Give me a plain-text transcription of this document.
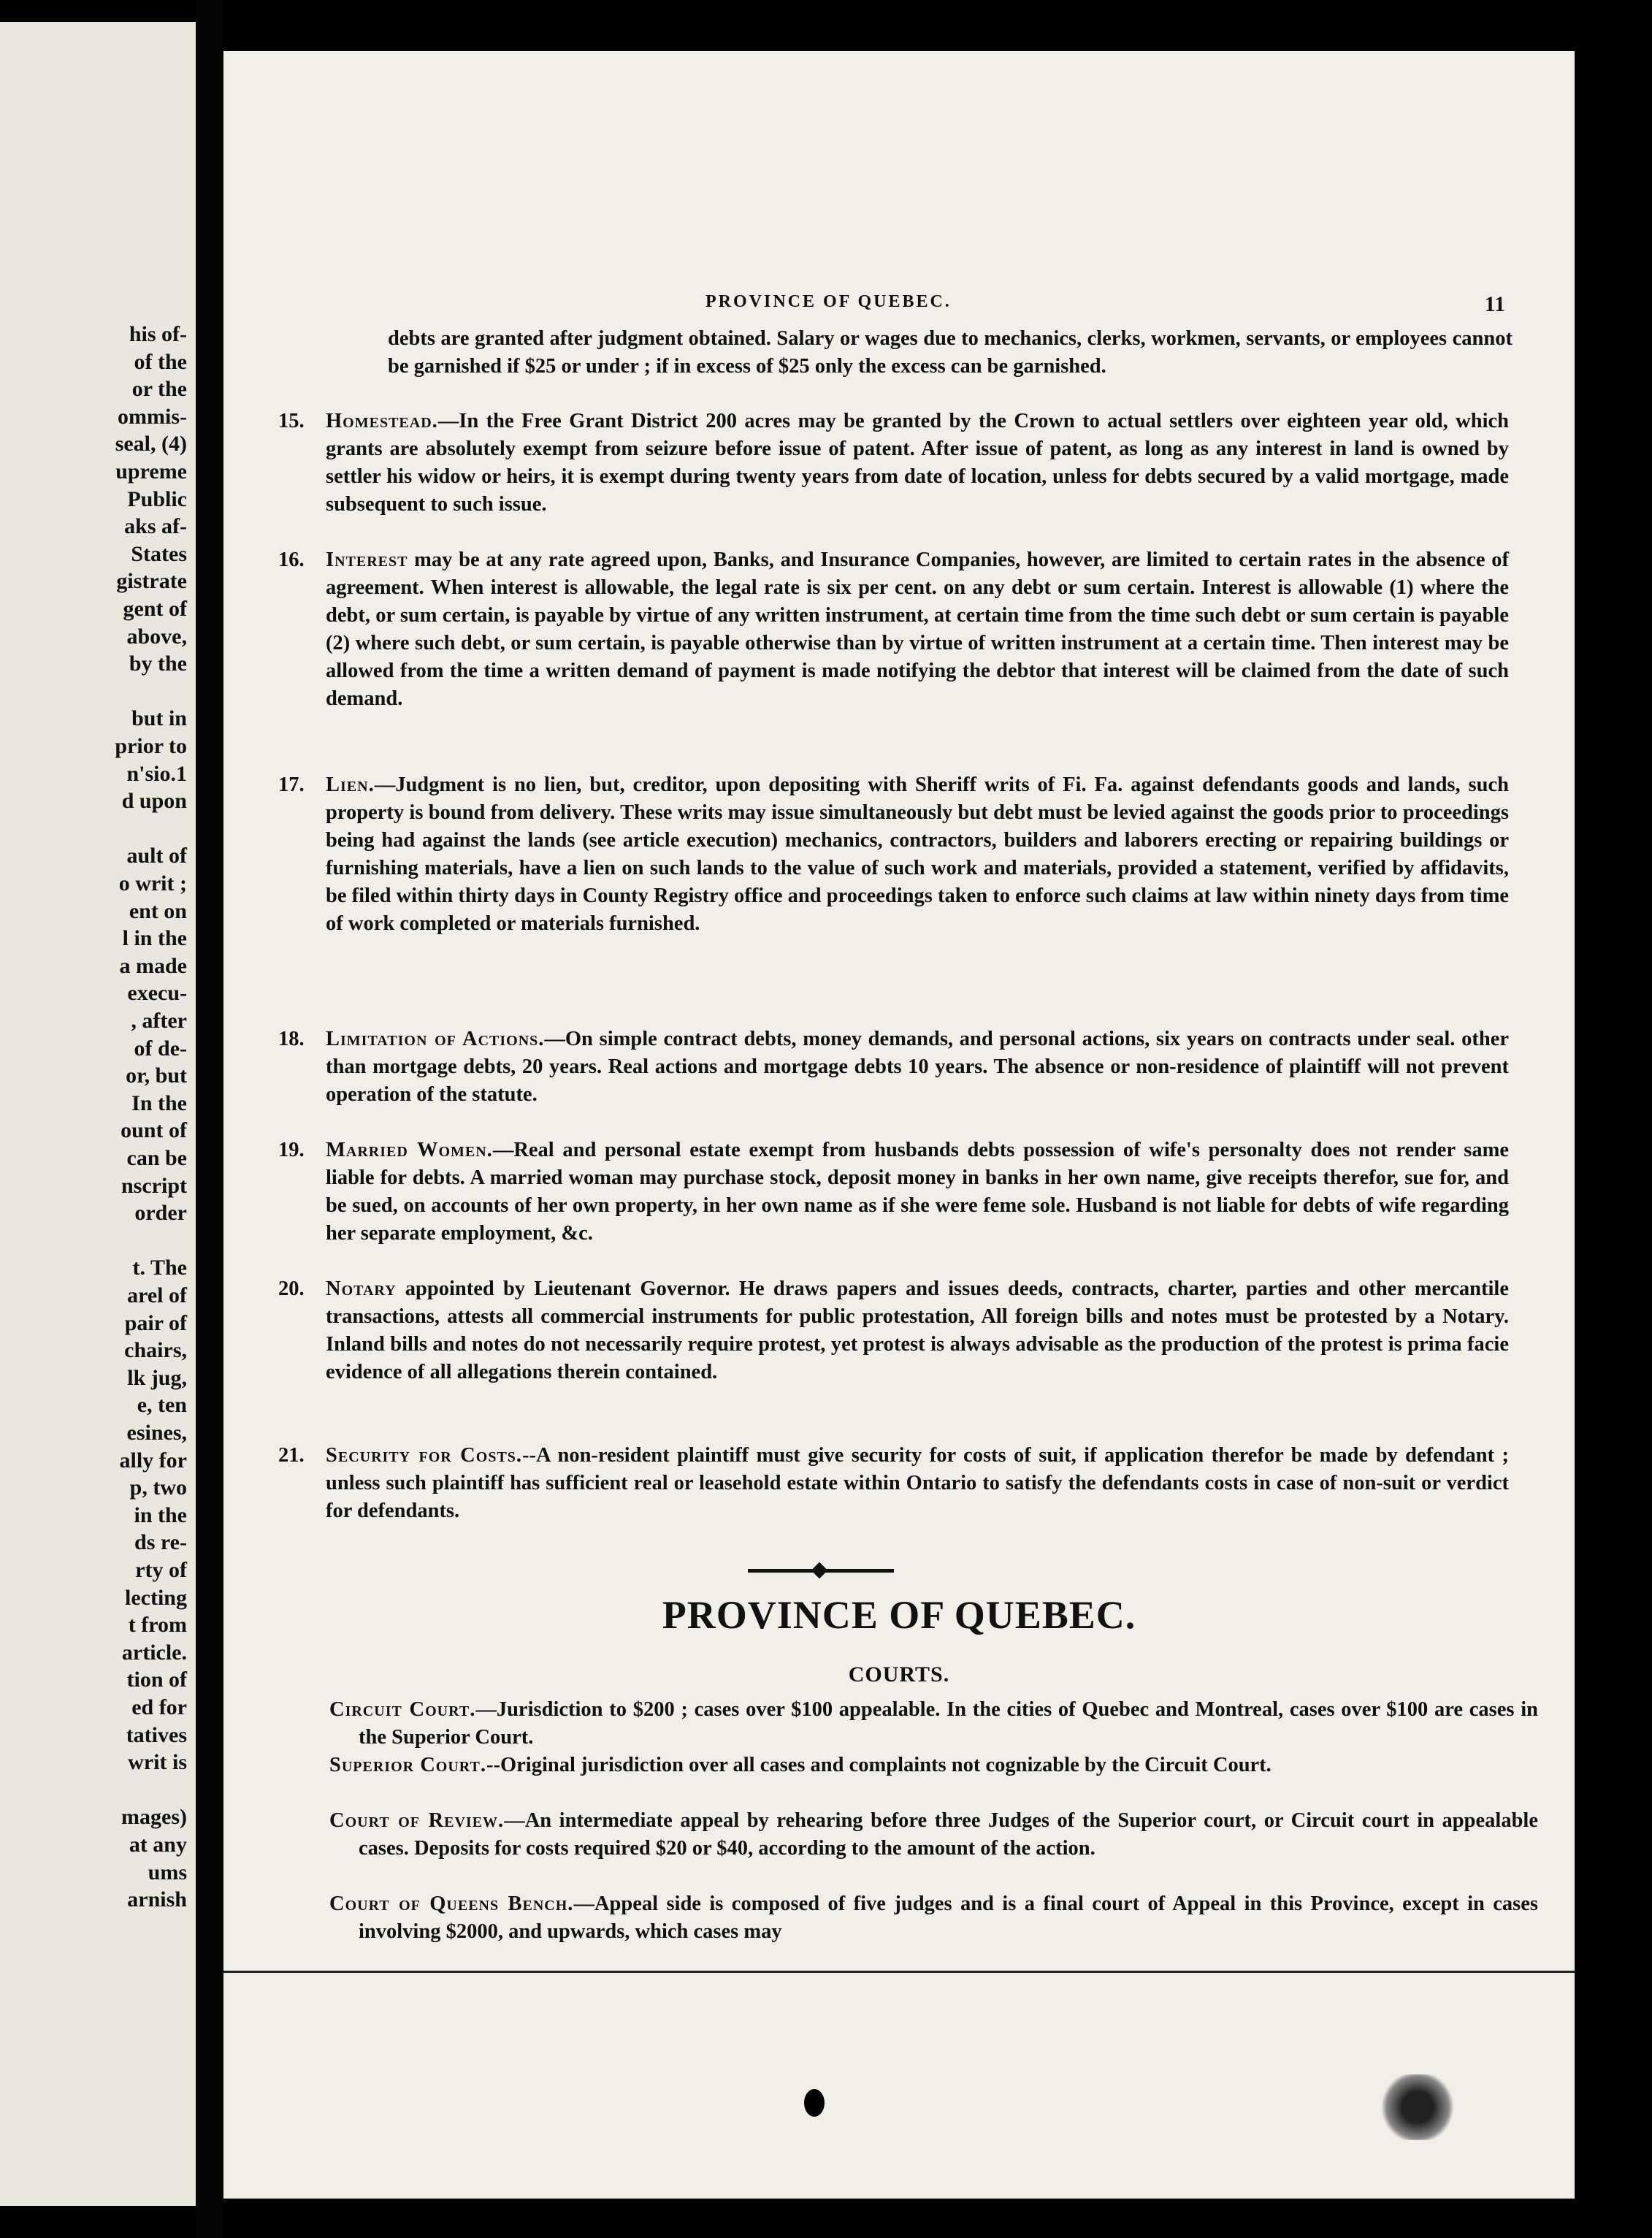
his of-
of the
or the
ommis-
seal, (4)
upreme
Public
aks af-
States
gistrate
gent of
above,
by the
but in
prior to
n'sio.1
d upon
ault of
o writ ;
ent on
l in the
a made
execu-
, after
of de-
or, but
In the
ount of
can be
nscript
order
t. The
arel of
pair of
chairs,
lk jug,
e, ten
esines,
ally for
p, two
in the
ds re-
rty of
lecting
t from
article.
tion of
ed for
tatives
writ is
mages)
at any
ums
arnish
PROVINCE OF QUEBEC.	11
debts are granted after judgment obtained. Salary or wages due to mechanics, clerks, workmen, servants, or employees cannot be garnished if $25 or under ; if in excess of $25 only the excess can be garnished.
15. Homestead.—In the Free Grant District 200 acres may be granted by the Crown to actual settlers over eighteen year old, which grants are absolutely exempt from seizure before issue of patent. After issue of patent, as long as any interest in land is owned by settler his widow or heirs, it is exempt during twenty years from date of location, unless for debts secured by a valid mortgage, made subsequent to such issue.
16. Interest may be at any rate agreed upon, Banks, and Insurance Companies, however, are limited to certain rates in the absence of agreement. When interest is allowable, the legal rate is six per cent. on any debt or sum certain. Interest is allowable (1) where the debt, or sum certain, is payable by virtue of any written instrument, at certain time from the time such debt or sum certain is payable (2) where such debt, or sum certain, is payable otherwise than by virtue of written instrument at a certain time. Then interest may be allowed from the time a written demand of payment is made notifying the debtor that interest will be claimed from the date of such demand.
17. Lien.—Judgment is no lien, but, creditor, upon depositing with Sheriff writs of Fi. Fa. against defendants goods and lands, such property is bound from delivery. These writs may issue simultaneously but debt must be levied against the goods prior to proceedings being had against the lands (see article execution) mechanics, contractors, builders and laborers erecting or repairing buildings or furnishing materials, have a lien on such lands to the value of such work and materials, provided a statement, verified by affidavits, be filed within thirty days in County Registry office and proceedings taken to enforce such claims at law within ninety days from time of work completed or materials furnished.
18. Limitation of Actions.—On simple contract debts, money demands, and personal actions, six years on contracts under seal. other than mortgage debts, 20 years. Real actions and mortgage debts 10 years. The absence or non-residence of plaintiff will not prevent operation of the statute.
19. Married Women.—Real and personal estate exempt from husbands debts possession of wife's personalty does not render same liable for debts. A married woman may purchase stock, deposit money in banks in her own name, give receipts therefor, sue for, and be sued, on accounts of her own property, in her own name as if she were feme sole. Husband is not liable for debts of wife regarding her separate employment, &c.
20. Notary appointed by Lieutenant Governor. He draws papers and issues deeds, contracts, charter, parties and other mercantile transactions, attests all commercial instruments for public protestation, All foreign bills and notes must be protested by a Notary. Inland bills and notes do not necessarily require protest, yet protest is always advisable as the production of the protest is prima facie evidence of all allegations therein contained.
21. Security for Costs.--A non-resident plaintiff must give security for costs of suit, if application therefor be made by defendant ; unless such plaintiff has sufficient real or leasehold estate within Ontario to satisfy the defendants costs in case of non-suit or verdict for defendants.
PROVINCE OF QUEBEC.
COURTS.
Circuit Court.—Jurisdiction to $200 ; cases over $100 appealable. In the cities of Quebec and Montreal, cases over $100 are cases in the Superior Court.
Superior Court.--Original jurisdiction over all cases and complaints not cognizable by the Circuit Court.
Court of Review.—An intermediate appeal by rehearing before three Judges of the Superior court, or Circuit court in appealable cases. Deposits for costs required $20 or $40, according to the amount of the action.
Court of Queens Bench.—Appeal side is composed of five judges and is a final court of Appeal in this Province, except in cases involving $2000, and upwards, which cases may
